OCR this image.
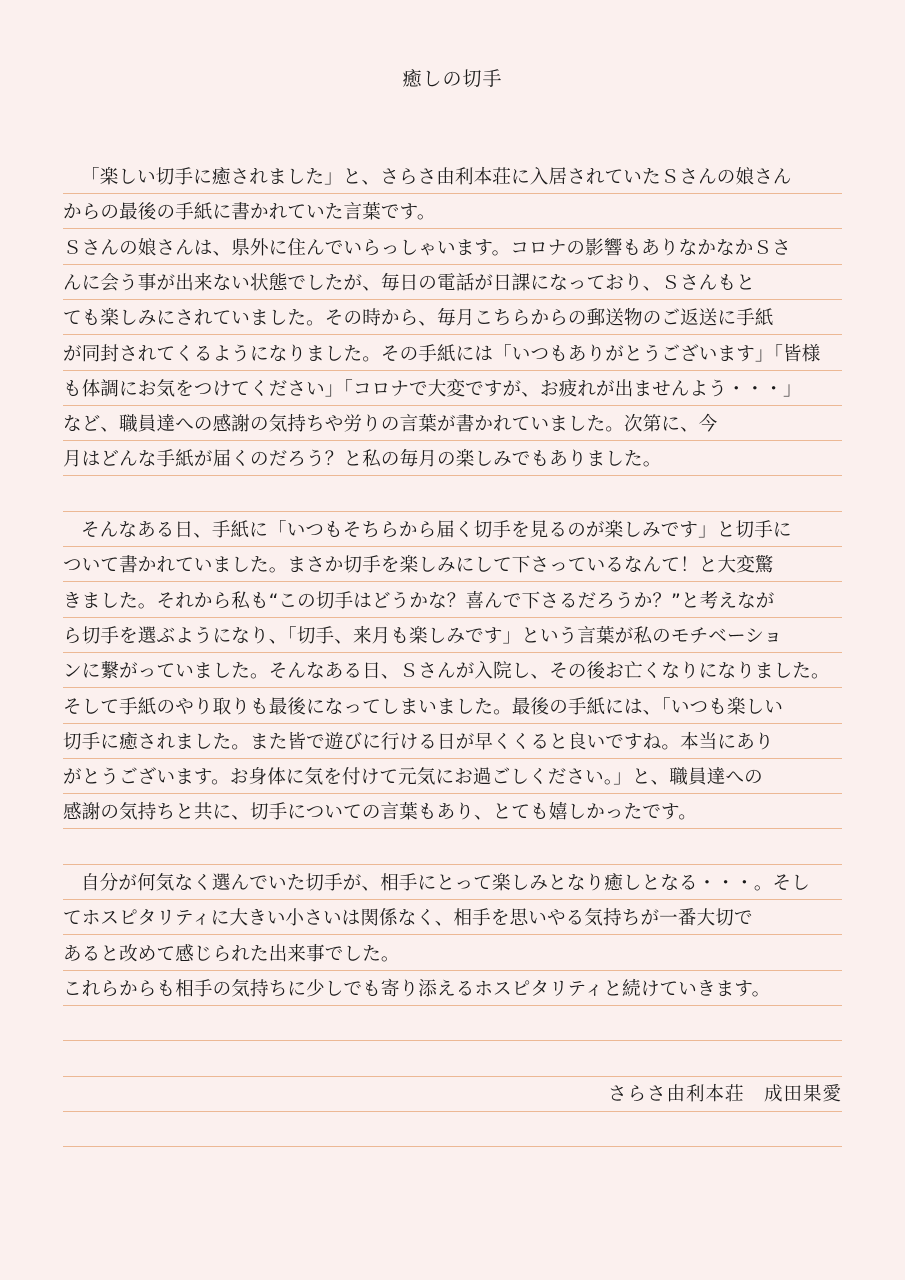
癒しの切手
「楽しい切手に癒されました」と、さらさ由利本荘に入居されていたＳさんの娘さん
からの最後の手紙に書かれていた言葉です。
Ｓさんの娘さんは、県外に住んでいらっしゃいます。コロナの影響もありなかなかＳさ
んに会う事が出来ない状態でしたが、毎日の電話が日課になっており、Ｓさんもと
ても楽しみにされていました。その時から、毎月こちらからの郵送物のご返送に手紙
が同封されてくるようになりました。その手紙には「いつもありがとうございます」「皆様
も体調にお気をつけてください」「コロナで大変ですが、お疲れが出ませんよう・・・」
など、職員達への感謝の気持ちや労りの言葉が書かれていました。次第に、今
月はどんな手紙が届くのだろう？と私の毎月の楽しみでもありました。
そんなある日、手紙に「いつもそちらから届く切手を見るのが楽しみです」と切手に
ついて書かれていました。まさか切手を楽しみにして下さっているなんて！と大変驚
きました。それから私も“この切手はどうかな？喜んで下さるだろうか？”と考えなが
ら切手を選ぶようになり、「切手、来月も楽しみです」という言葉が私のモチベーショ
ンに繋がっていました。そんなある日、Ｓさんが入院し、その後お亡くなりになりました。
そして手紙のやり取りも最後になってしまいました。最後の手紙には、「いつも楽しい
切手に癒されました。また皆で遊びに行ける日が早くくると良いですね。本当にあり
がとうございます。お身体に気を付けて元気にお過ごしください。」と、職員達への
感謝の気持ちと共に、切手についての言葉もあり、とても嬉しかったです。
自分が何気なく選んでいた切手が、相手にとって楽しみとなり癒しとなる・・・。そし
てホスピタリティに大きい小さいは関係なく、相手を思いやる気持ちが一番大切で
あると改めて感じられた出来事でした。
これらからも相手の気持ちに少しでも寄り添えるホスピタリティと続けていきます。
さらさ由利本荘　成田果愛
